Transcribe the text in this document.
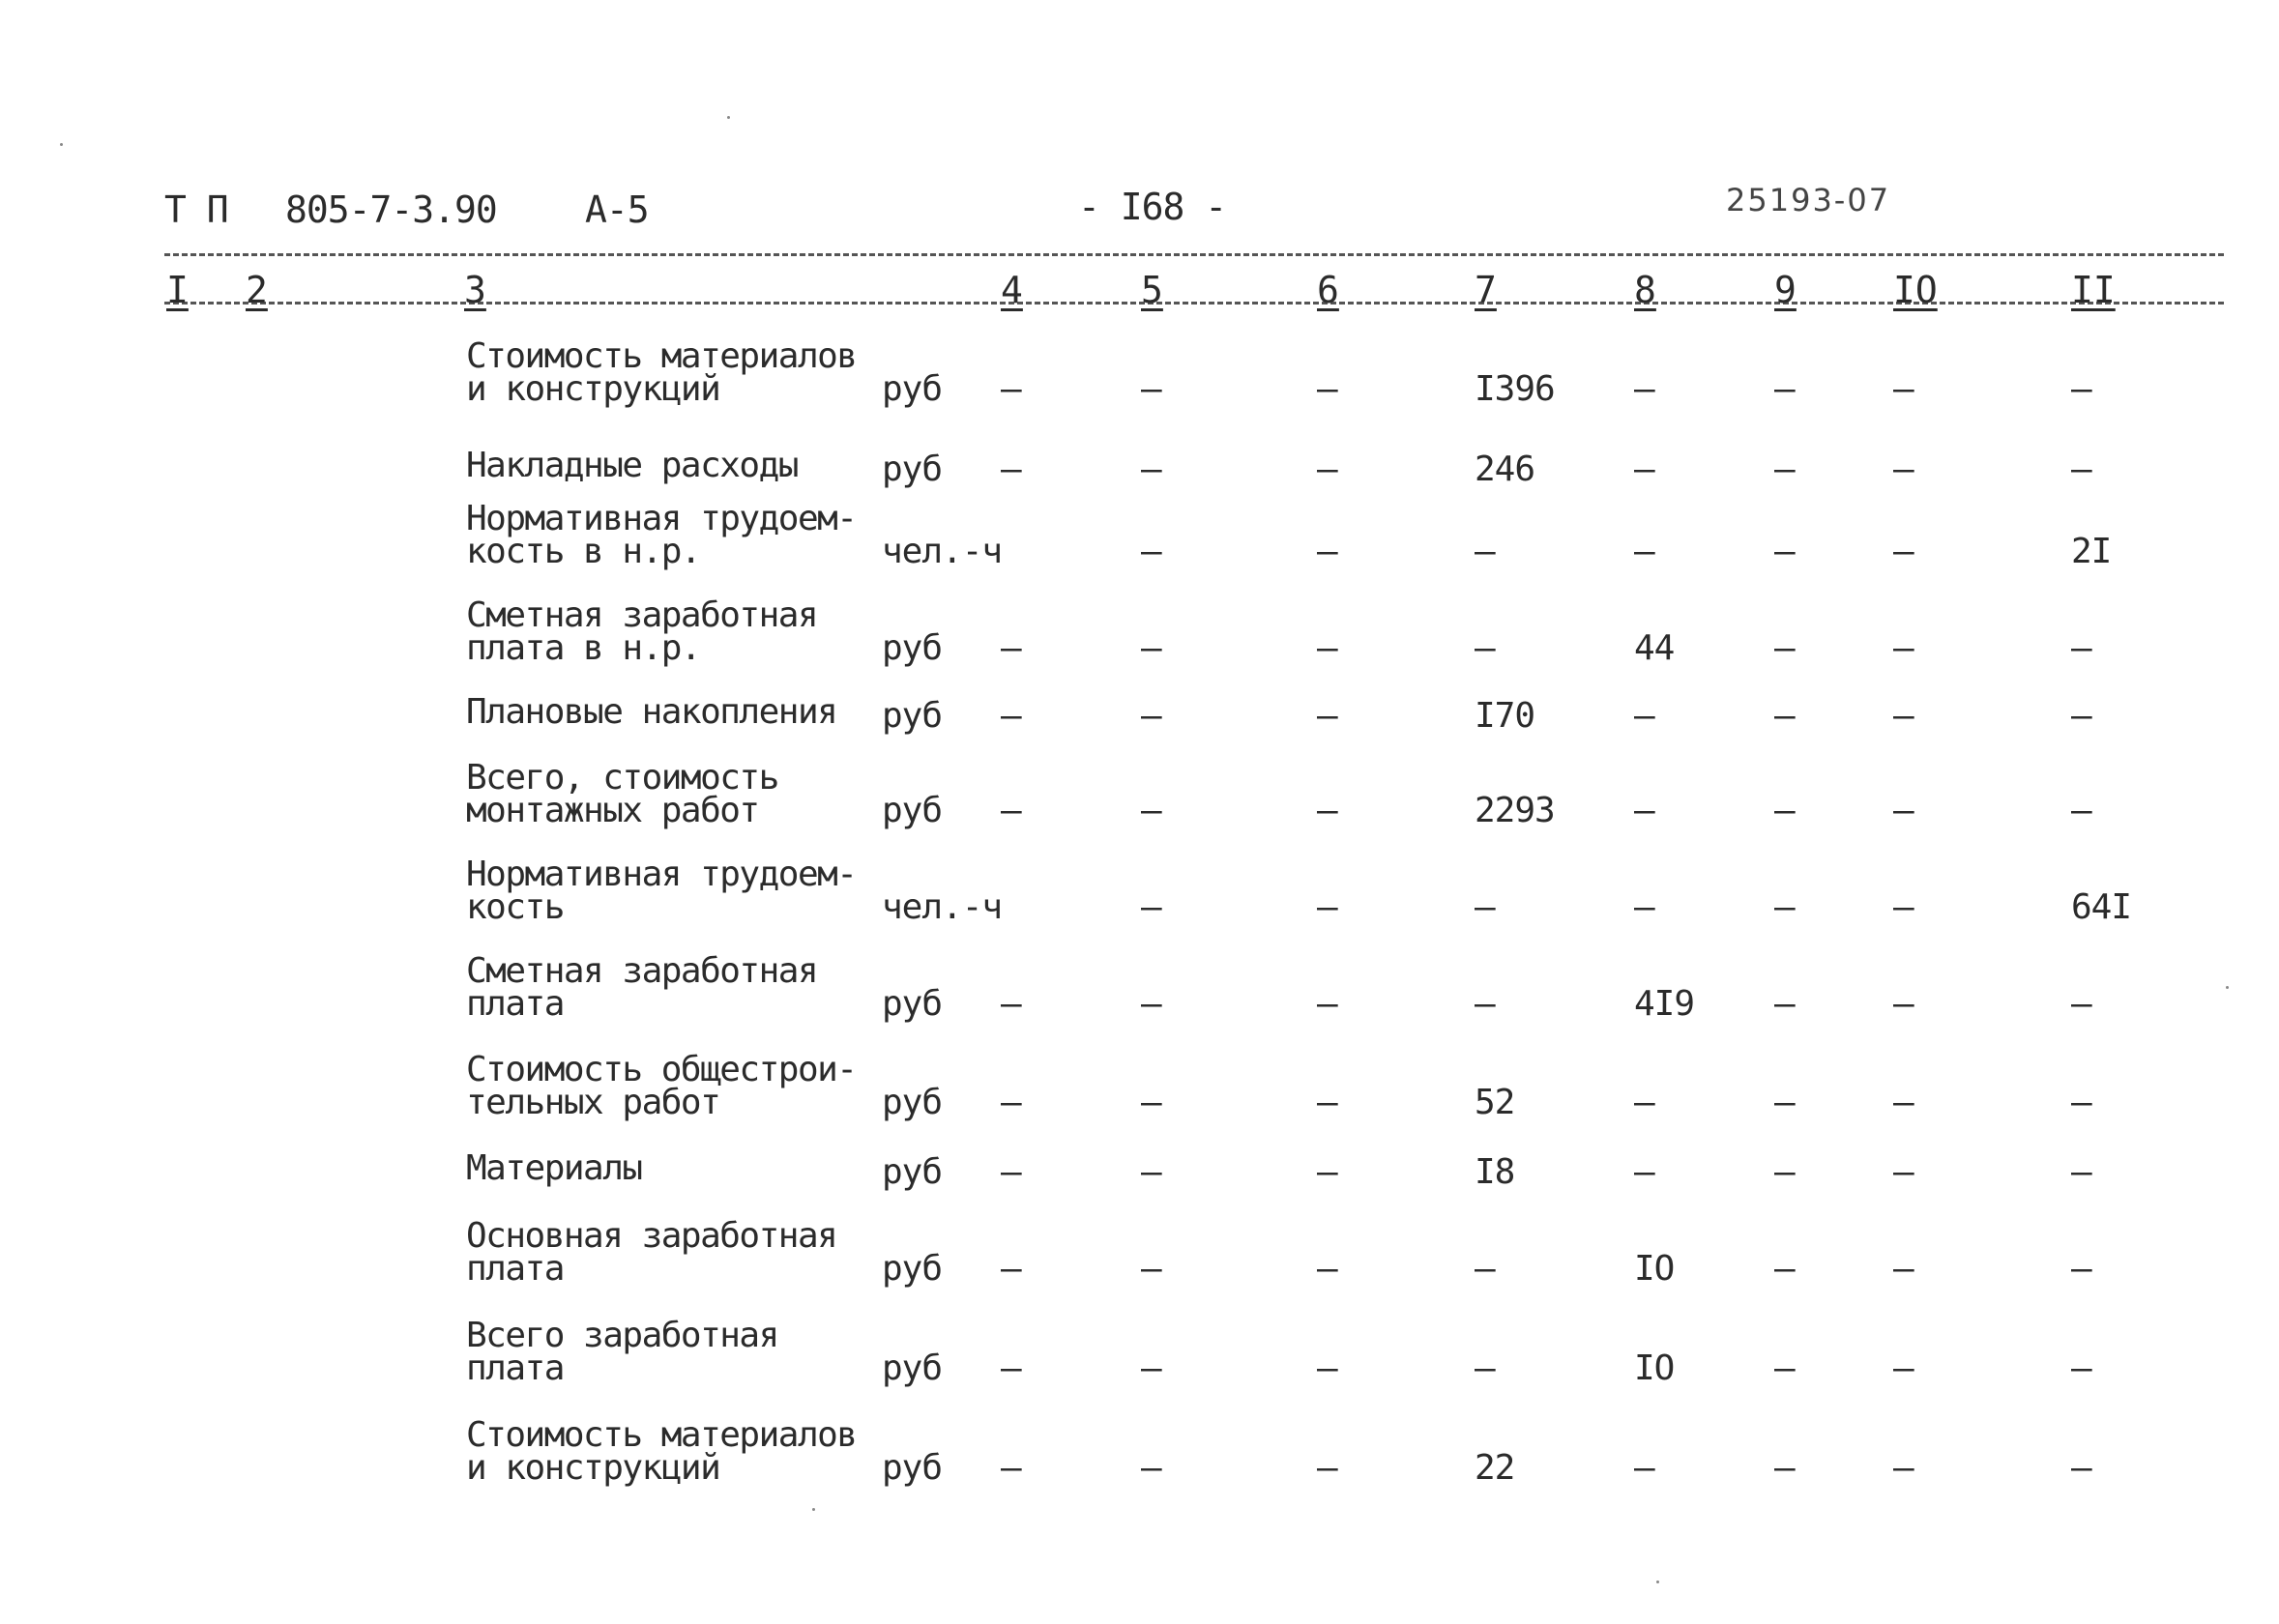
Т П 805-7-3.90 А-5	- I68 -	25193-07
I 2	3	4	5	6	7	8	9	IO	II
Стоимость материалов
и конструкций	руб –	–	–	I396 –	–	–	–
Накладные расходы	руб –	–	–	246	–	–	–	–
Нормативная трудоем-
кость в н.р.	чел.-ч	–	–	–	–	–	–	2I
Сметная заработная
плата в н.р.	руб –	–	–	–	44	–	–	–
Плановые накопления	руб –	–	–	I70	–	–	–	–
Всего, стоимость
монтажных работ	руб –	–	–	2293 –	–	–	–
Нормативная трудоем-
кость	чел.-ч	–	–	–	–	–	–	64I
Сметная заработная
плата	руб –	–	–	–	4I9 –	–	–
Стоимость общестрои-
тельных работ	руб –	–	–	52	–	–	–	–
Материалы	руб –	–	–	I8	–	–	–	–
Основная заработная
плата	руб –	–	–	–	IO	–	–	–
Всего заработная
плата	руб –	–	–	–	IO	–	–	–
Стоимость материалов
и конструкций	руб –	–	–	22	–	–	–	–
